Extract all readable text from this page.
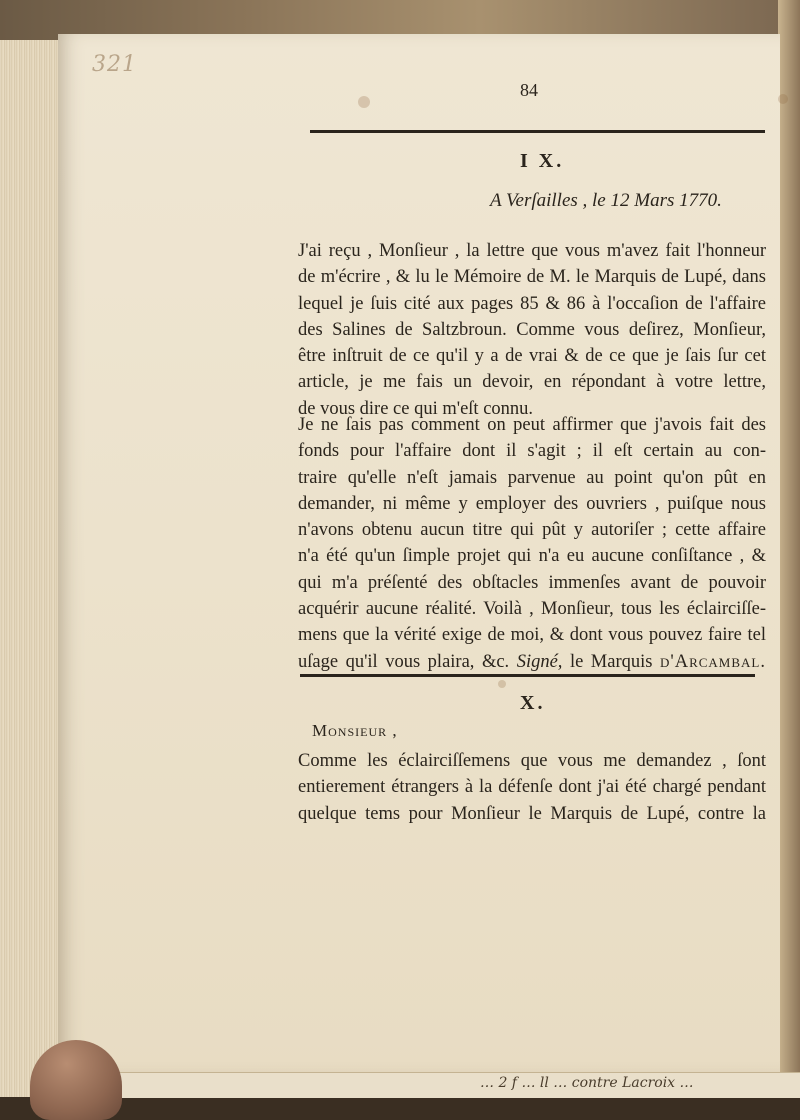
321
84
I X.
A Verſailles , le 12 Mars 1770.
J'ai reçu , Monſieur , la lettre que vous m'avez fait l'honneur
de m'écrire , & lu le Mémoire de M. le Marquis de Lupé, dans
lequel je ſuis cité aux pages 85 & 86 à l'occaſion de l'affaire
des Salines de Saltzbroun. Comme vous deſirez, Monſieur,
être inſtruit de ce qu'il y a de vrai & de ce que je ſais ſur cet
article, je me fais un devoir, en répondant à votre lettre,
de vous dire ce qui m'eſt connu.
Je ne ſais pas comment on peut affirmer que j'avois fait des
fonds pour l'affaire dont il s'agit ; il eſt certain au con-
traire qu'elle n'eſt jamais parvenue au point qu'on pût en
demander, ni même y employer des ouvriers , puiſque nous
n'avons obtenu aucun titre qui pût y autoriſer ; cette affaire
n'a été qu'un ſimple projet qui n'a eu aucune conſiſtance , &
qui m'a préſenté des obſtacles immenſes avant de pouvoir
acquérir aucune réalité. Voilà , Monſieur, tous les éclairciſſe-
mens que la vérité exige de moi, & dont vous pouvez faire tel
uſage qu'il vous plaira, &c. Signé, le Marquis d'Arcambal.
X.
Monsieur ,
Comme les éclairciſſemens que vous me demandez , ſont
entierement étrangers à la défenſe dont j'ai été chargé pendant
quelque tems pour Monſieur le Marquis de Lupé, contre la
… 2 f … ll … contre Lacroix …
